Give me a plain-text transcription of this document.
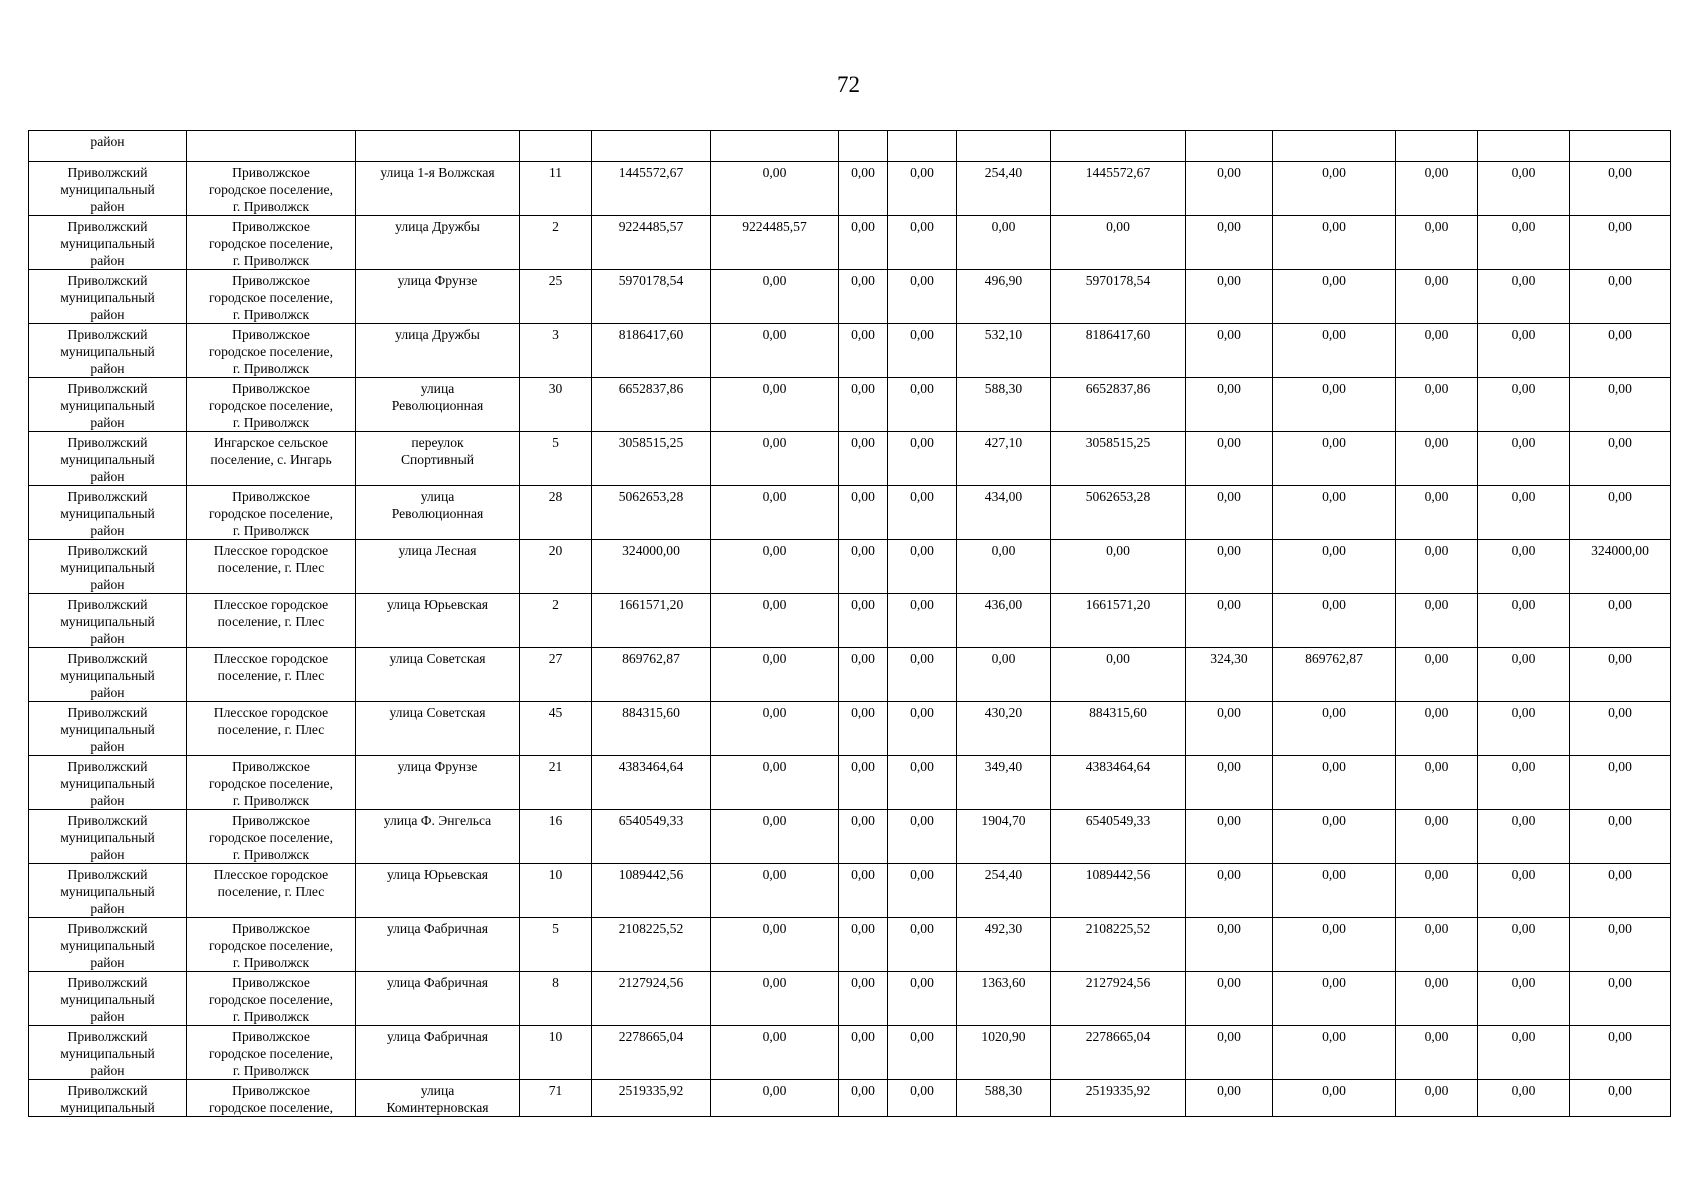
72
район														
Приволжский
муниципальный
район	Приволжское
городское поселение,
г. Приволжск	улица 1-я Волжская	11	1445572,67	0,00	0,00	0,00	254,40	1445572,67	0,00	0,00	0,00	0,00	0,00
Приволжский
муниципальный
район	Приволжское
городское поселение,
г. Приволжск	улица Дружбы	2	9224485,57	9224485,57	0,00	0,00	0,00	0,00	0,00	0,00	0,00	0,00	0,00
Приволжский
муниципальный
район	Приволжское
городское поселение,
г. Приволжск	улица Фрунзе	25	5970178,54	0,00	0,00	0,00	496,90	5970178,54	0,00	0,00	0,00	0,00	0,00
Приволжский
муниципальный
район	Приволжское
городское поселение,
г. Приволжск	улица Дружбы	3	8186417,60	0,00	0,00	0,00	532,10	8186417,60	0,00	0,00	0,00	0,00	0,00
Приволжский
муниципальный
район	Приволжское
городское поселение,
г. Приволжск	улица
Революционная	30	6652837,86	0,00	0,00	0,00	588,30	6652837,86	0,00	0,00	0,00	0,00	0,00
Приволжский
муниципальный
район	Ингарское сельское
поселение, с. Ингарь	переулок
Спортивный	5	3058515,25	0,00	0,00	0,00	427,10	3058515,25	0,00	0,00	0,00	0,00	0,00
Приволжский
муниципальный
район	Приволжское
городское поселение,
г. Приволжск	улица
Революционная	28	5062653,28	0,00	0,00	0,00	434,00	5062653,28	0,00	0,00	0,00	0,00	0,00
Приволжский
муниципальный
район	Плесское городское
поселение, г. Плес	улица Лесная	20	324000,00	0,00	0,00	0,00	0,00	0,00	0,00	0,00	0,00	0,00	324000,00
Приволжский
муниципальный
район	Плесское городское
поселение, г. Плес	улица Юрьевская	2	1661571,20	0,00	0,00	0,00	436,00	1661571,20	0,00	0,00	0,00	0,00	0,00
Приволжский
муниципальный
район	Плесское городское
поселение, г. Плес	улица Советская	27	869762,87	0,00	0,00	0,00	0,00	0,00	324,30	869762,87	0,00	0,00	0,00
Приволжский
муниципальный
район	Плесское городское
поселение, г. Плес	улица Советская	45	884315,60	0,00	0,00	0,00	430,20	884315,60	0,00	0,00	0,00	0,00	0,00
Приволжский
муниципальный
район	Приволжское
городское поселение,
г. Приволжск	улица Фрунзе	21	4383464,64	0,00	0,00	0,00	349,40	4383464,64	0,00	0,00	0,00	0,00	0,00
Приволжский
муниципальный
район	Приволжское
городское поселение,
г. Приволжск	улица Ф. Энгельса	16	6540549,33	0,00	0,00	0,00	1904,70	6540549,33	0,00	0,00	0,00	0,00	0,00
Приволжский
муниципальный
район	Плесское городское
поселение, г. Плес	улица Юрьевская	10	1089442,56	0,00	0,00	0,00	254,40	1089442,56	0,00	0,00	0,00	0,00	0,00
Приволжский
муниципальный
район	Приволжское
городское поселение,
г. Приволжск	улица Фабричная	5	2108225,52	0,00	0,00	0,00	492,30	2108225,52	0,00	0,00	0,00	0,00	0,00
Приволжский
муниципальный
район	Приволжское
городское поселение,
г. Приволжск	улица Фабричная	8	2127924,56	0,00	0,00	0,00	1363,60	2127924,56	0,00	0,00	0,00	0,00	0,00
Приволжский
муниципальный
район	Приволжское
городское поселение,
г. Приволжск	улица Фабричная	10	2278665,04	0,00	0,00	0,00	1020,90	2278665,04	0,00	0,00	0,00	0,00	0,00
Приволжский
муниципальный	Приволжское
городское поселение,	улица
Коминтерновская	71	2519335,92	0,00	0,00	0,00	588,30	2519335,92	0,00	0,00	0,00	0,00	0,00
